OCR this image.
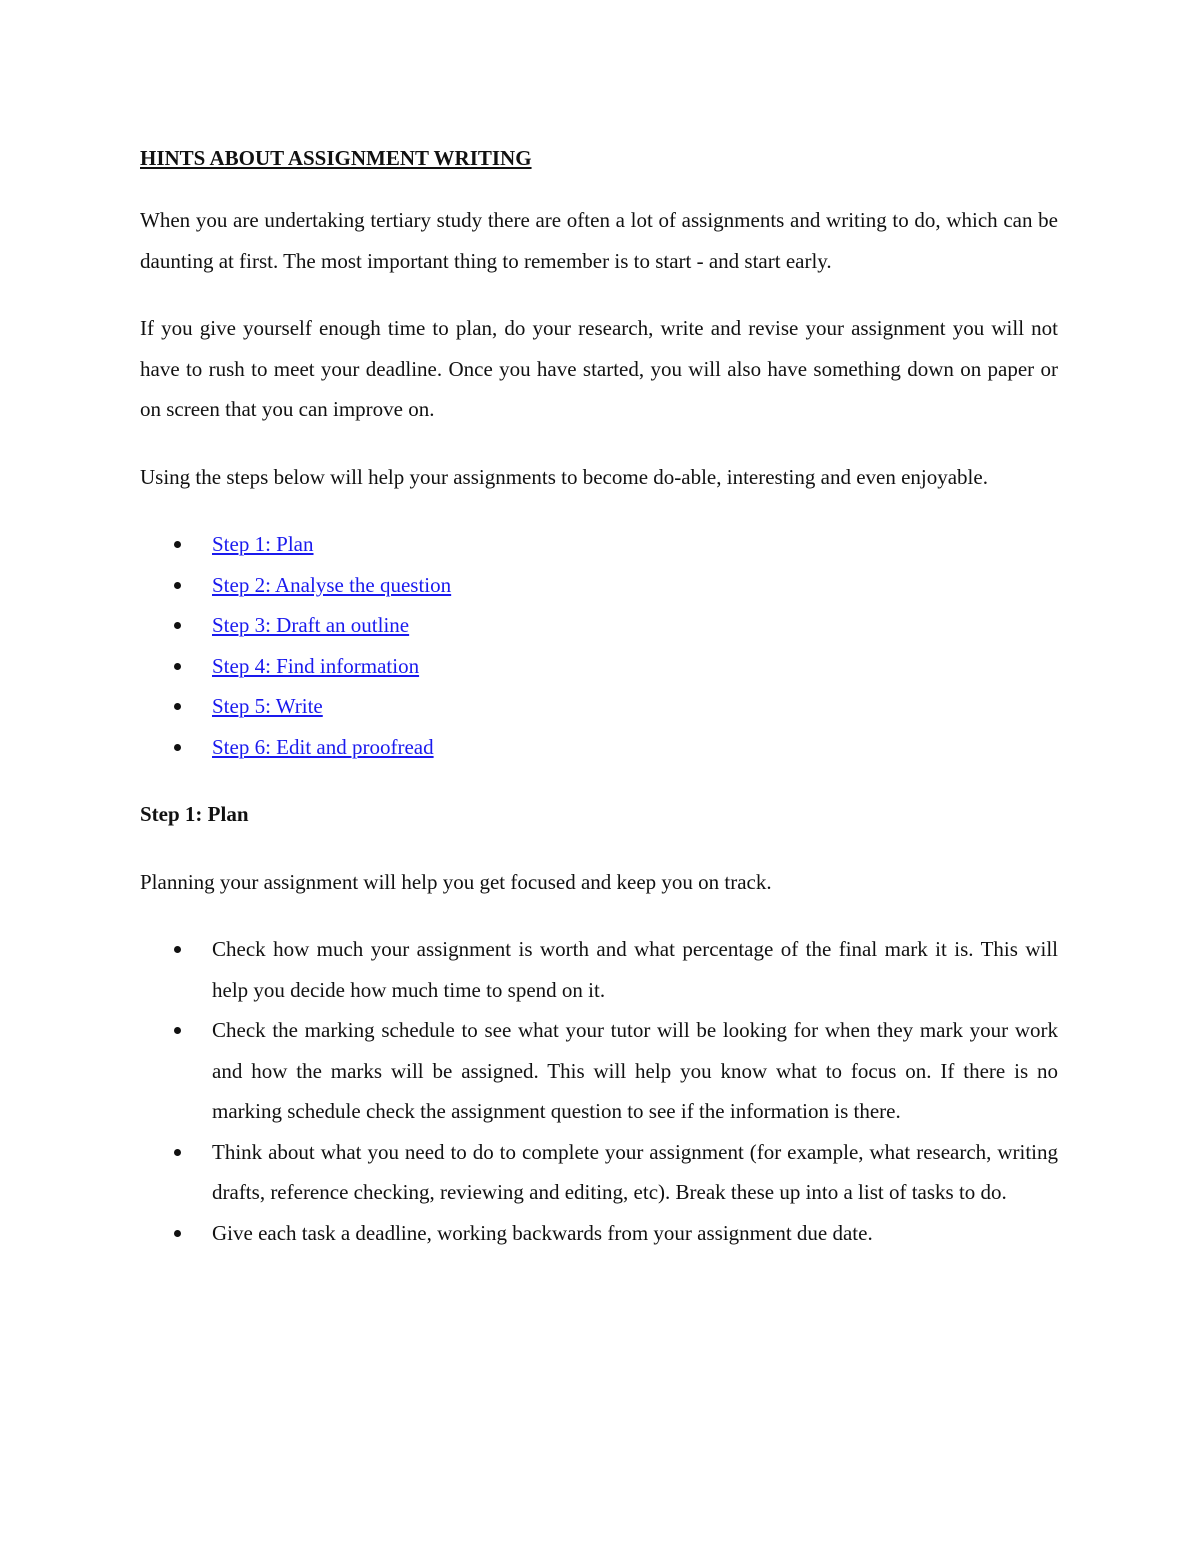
HINTS ABOUT ASSIGNMENT WRITING

When you are undertaking tertiary study there are often a lot of assignments and writing to do, which can be daunting at first. The most important thing to remember is to start - and start early.

If you give yourself enough time to plan, do your research, write and revise your assignment you will not have to rush to meet your deadline. Once you have started, you will also have something down on paper or on screen that you can improve on.

Using the steps below will help your assignments to become do-able, interesting and even enjoyable.

Step 1: Plan
Step 2: Analyse the question
Step 3: Draft an outline
Step 4: Find information
Step 5: Write
Step 6: Edit and proofread
Step 1: Plan

Planning your assignment will help you get focused and keep you on track.

Check how much your assignment is worth and what percentage of the final mark it is. This will help you decide how much time to spend on it.
Check the marking schedule to see what your tutor will be looking for when they mark your work and how the marks will be assigned. This will help you know what to focus on. If there is no marking schedule check the assignment question to see if the information is there.
Think about what you need to do to complete your assignment (for example, what research, writing drafts, reference checking, reviewing and editing, etc). Break these up into a list of tasks to do.
Give each task a deadline, working backwards from your assignment due date.
